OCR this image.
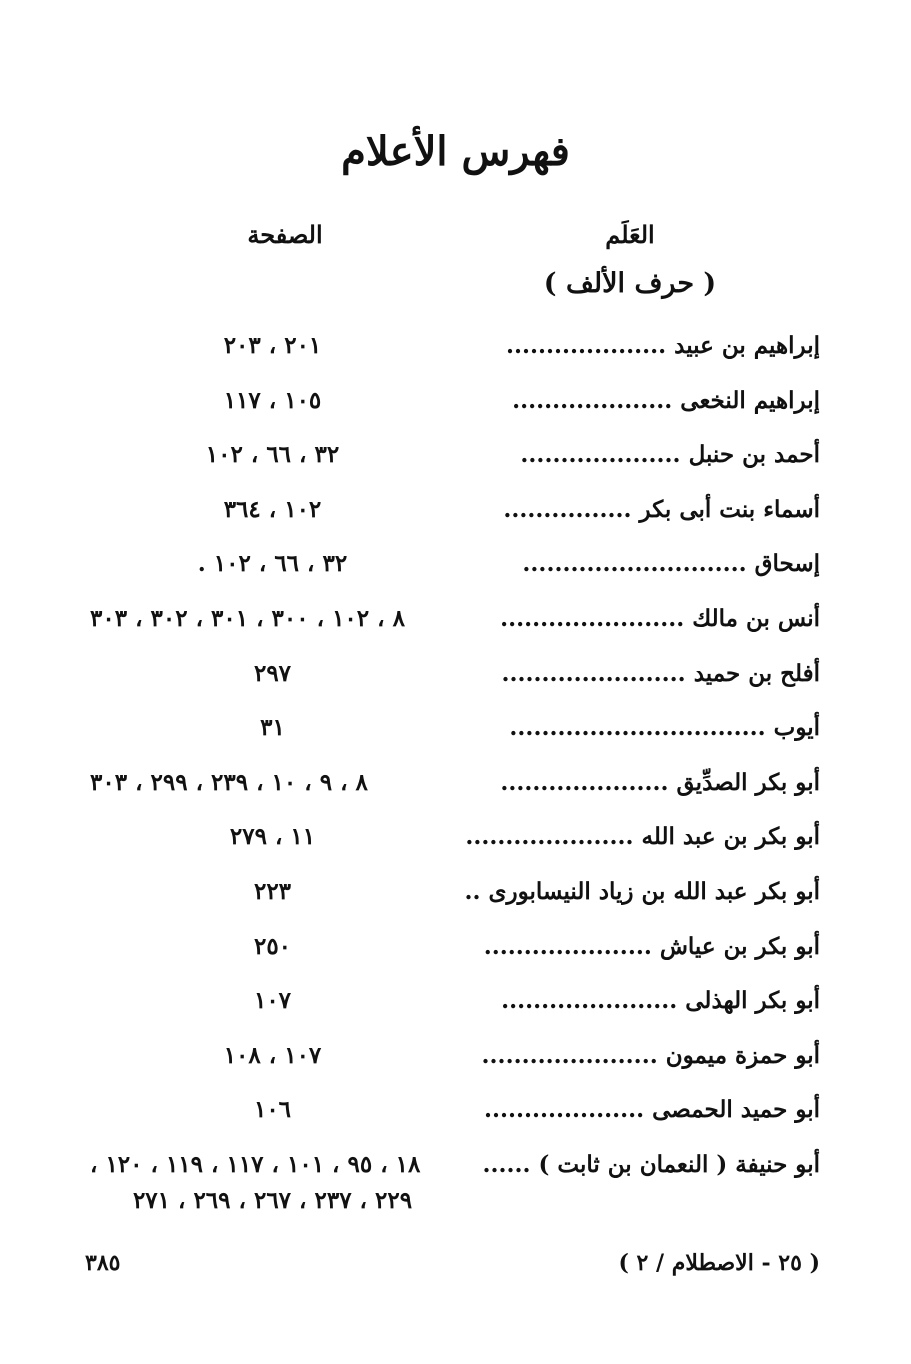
فهرس الأعلام
العَلَم
الصفحة
( حرف الألف )
إبراهيم بن عبيد ....................
٢٠١ ، ٢٠٣
إبراهيم النخعى ....................
١٠٥ ، ١١٧
أحمد بن حنبل ....................
٣٢ ، ٦٦ ، ١٠٢
أسماء بنت أبى بكر ................
١٠٢ ، ٣٦٤
إسحاق ............................
٣٢ ، ٦٦ ، ١٠٢ .
أنس بن مالك .......................
٨ ، ١٠٢ ، ٣٠٠ ، ٣٠١ ، ٣٠٢ ، ٣٠٣
أفلح بن حميد .......................
٢٩٧
أيوب ................................
٣١
أبو بكر الصدِّيق .....................
٨ ، ٩ ، ١٠ ، ٢٣٩ ، ٢٩٩ ، ٣٠٣
أبو بكر بن عبد الله .....................
١١ ، ٢٧٩
أبو بكر عبد الله بن زياد النيسابورى ..
٢٢٣
أبو بكر بن عياش .....................
٢٥٠
أبو بكر الهذلى ......................
١٠٧
أبو حمزة ميمون ......................
١٠٧ ، ١٠٨
أبو حميد الحمصى ....................
١٠٦
أبو حنيفة ( النعمان بن ثابت ) ......
١٨ ، ٩٥ ، ١٠١ ، ١١٧ ، ١١٩ ، ١٢٠ ،
٢٢٩ ، ٢٣٧ ، ٢٦٧ ، ٢٦٩ ، ٢٧١
( ٢٥ - الاصطلام / ٢ )
٣٨٥
